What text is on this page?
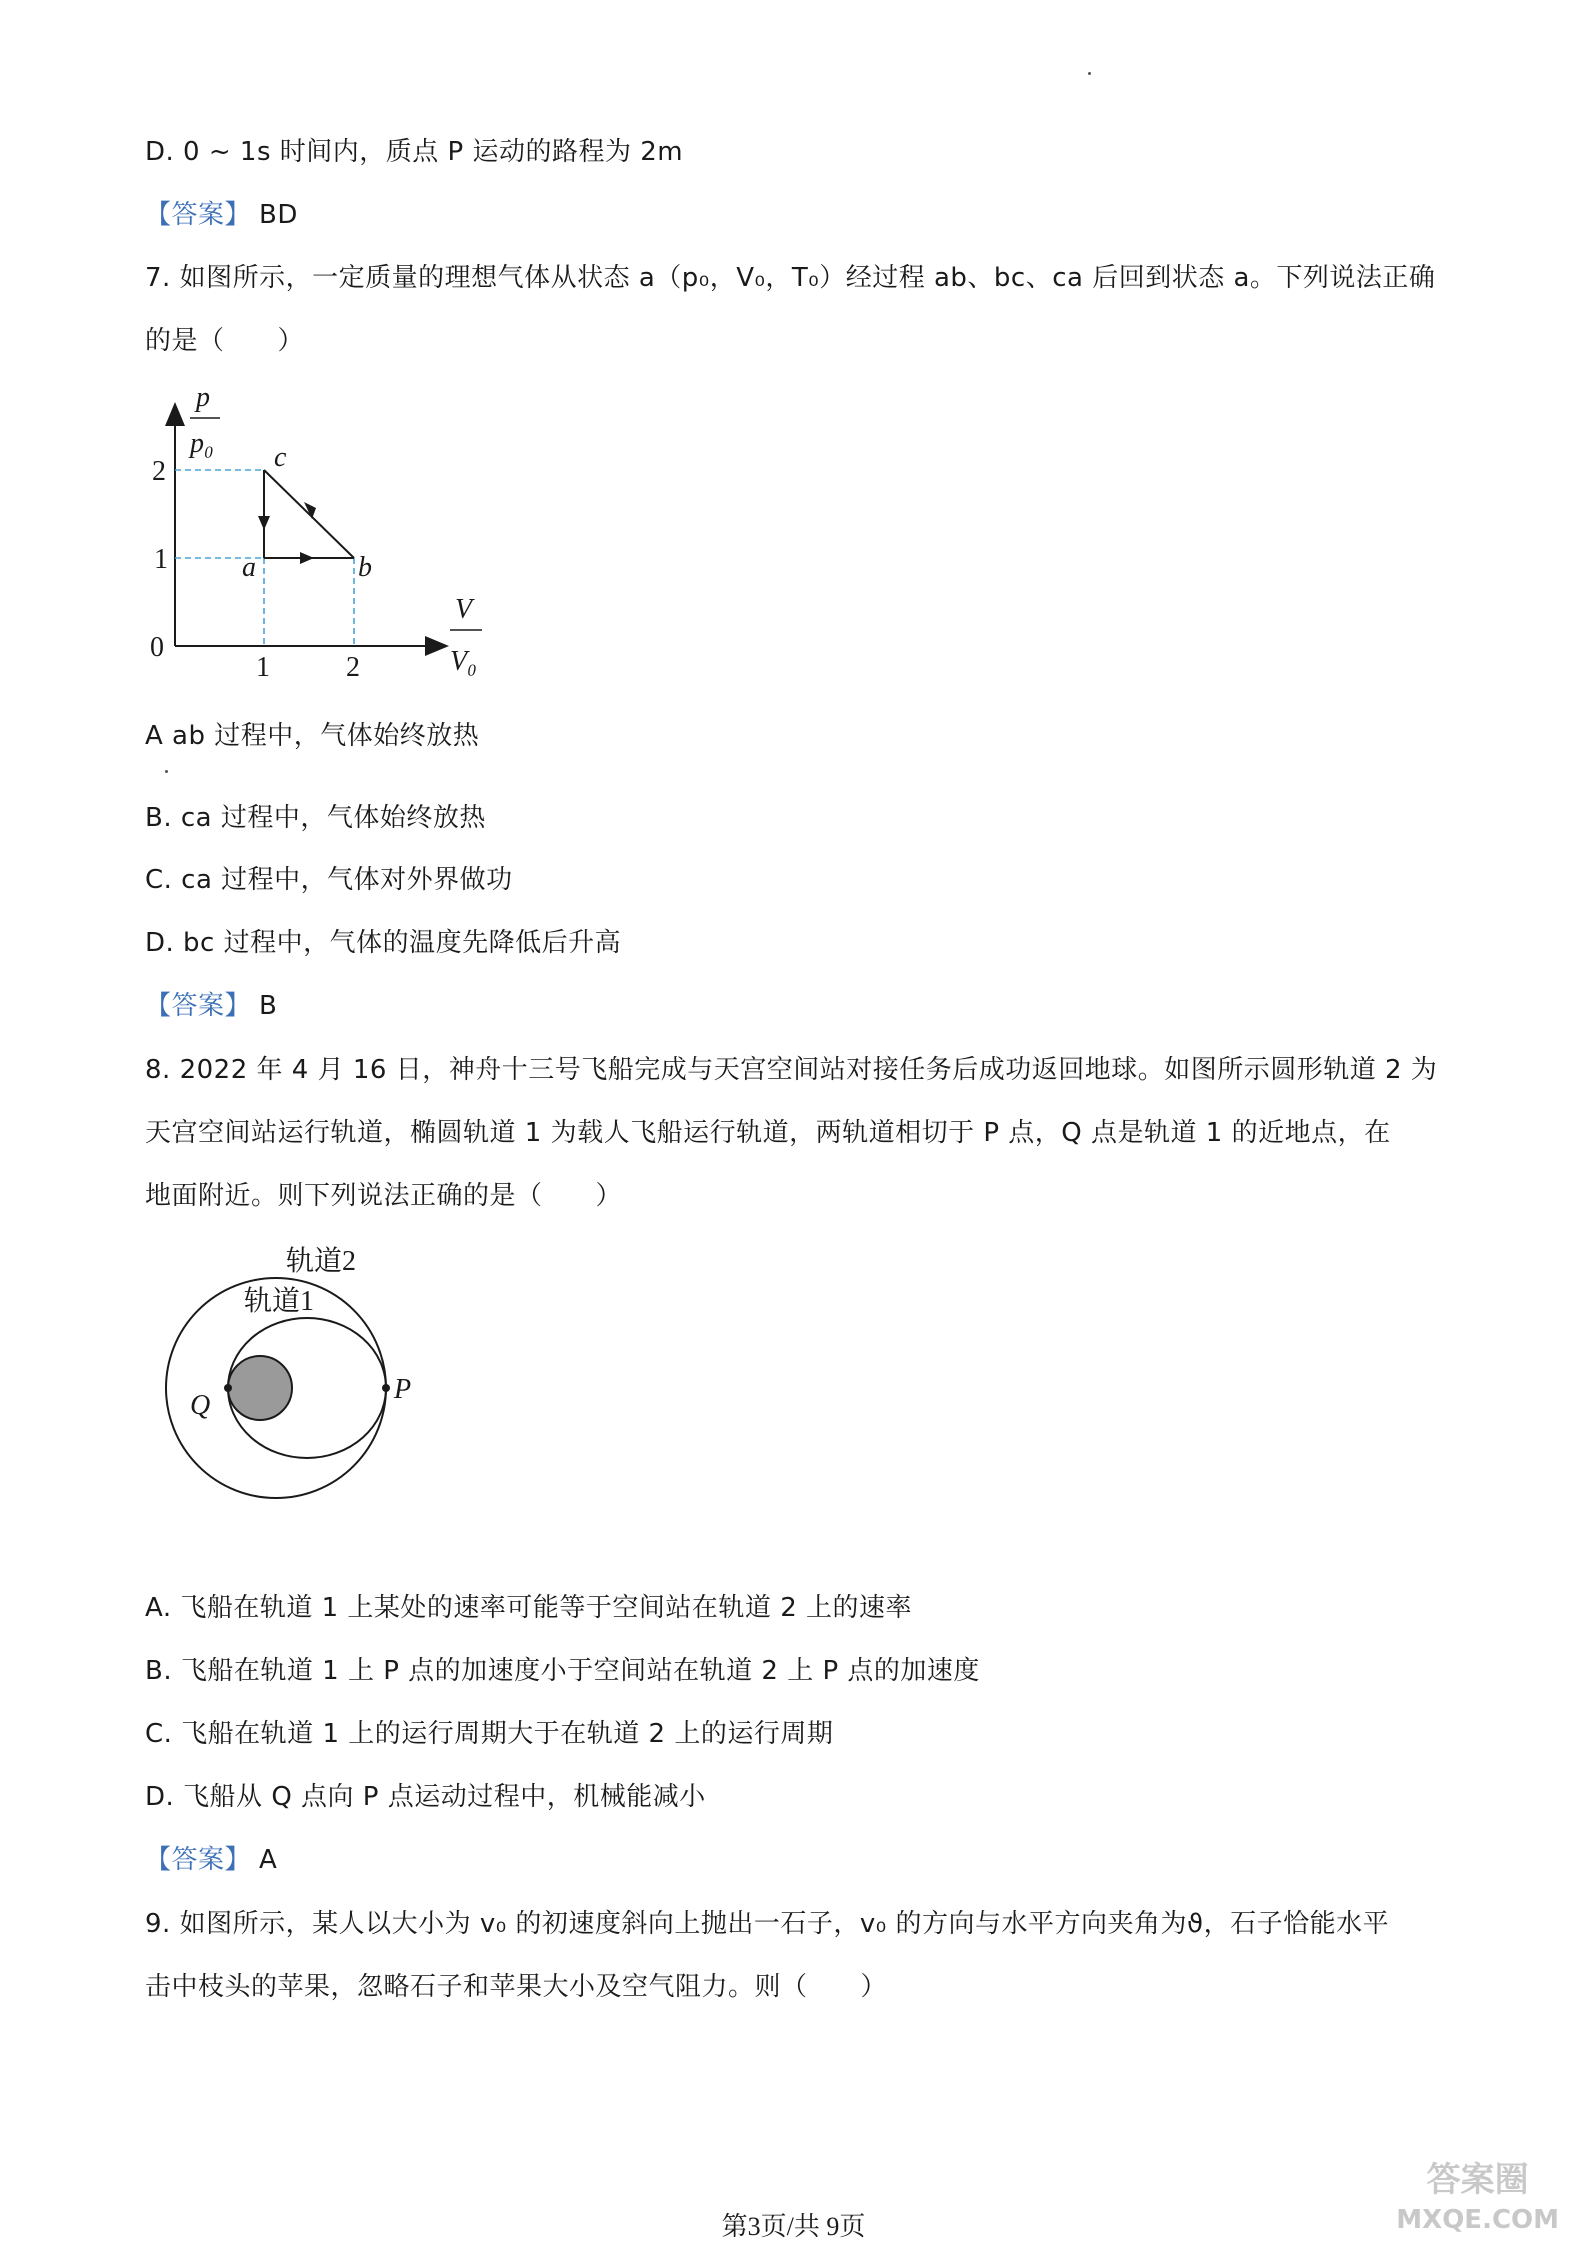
D. 0 ~ 1s 时间内，质点 P 运动的路程为 2m
【答案】 BD
7. 如图所示，一定质量的理想气体从状态 a（p₀，V₀，T₀）经过程 ab、bc、ca 后回到状态 a。下列说法正确
的是（　　）
p
p₀
V
V₀
0
1
2
1	2
a	b
c
A ab 过程中，气体始终放热
B. ca 过程中，气体始终放热
C. ca 过程中，气体对外界做功
D. bc 过程中，气体的温度先降低后升高
【答案】 B
8. 2022 年 4 月 16 日，神舟十三号飞船完成与天宫空间站对接任务后成功返回地球。如图所示圆形轨道 2 为
天宫空间站运行轨道，椭圆轨道 1 为载人飞船运行轨道，两轨道相切于 P 点，Q 点是轨道 1 的近地点，在
地面附近。则下列说法正确的是（　　）
轨道2
轨道1
Q
P
A. 飞船在轨道 1 上某处的速率可能等于空间站在轨道 2 上的速率
B. 飞船在轨道 1 上 P 点的加速度小于空间站在轨道 2 上 P 点的加速度
C. 飞船在轨道 1 上的运行周期大于在轨道 2 上的运行周期
D. 飞船从 Q 点向 P 点运动过程中，机械能减小
【答案】 A
9. 如图所示，某人以大小为 v₀ 的初速度斜向上抛出一石子，v₀ 的方向与水平方向夹角为ϑ，石子恰能水平
击中枝头的苹果，忽略石子和苹果大小及空气阻力。则（　　）
第3页/共 9页
答案圈
MXQE.COM
